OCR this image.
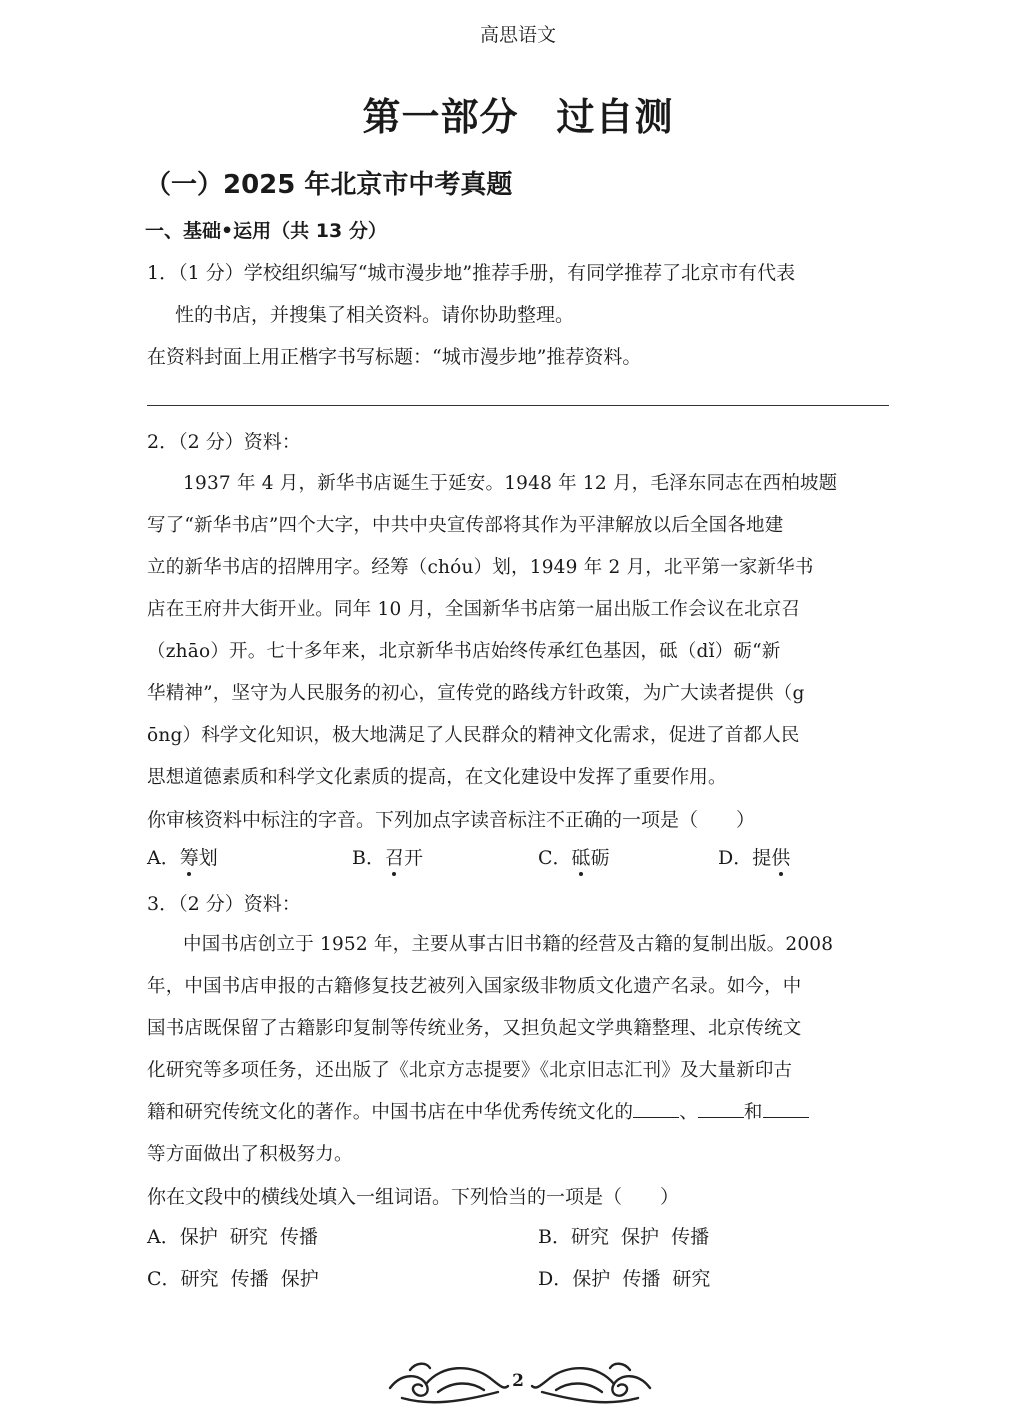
高思语文
第一部分 过自测
（一）2025 年北京市中考真题
一、基础•运用（共 13 分）
1．（1 分）学校组织编写“城市漫步地”推荐手册，有同学推荐了北京市有代表
性的书店，并搜集了相关资料。请你协助整理。
在资料封面上用正楷字书写标题：“城市漫步地”推荐资料。
2．（2 分）资料：
1937 年 4 月，新华书店诞生于延安。1948 年 12 月，毛泽东同志在西柏坡题
写了“新华书店”四个大字，中共中央宣传部将其作为平津解放以后全国各地建
立的新华书店的招牌用字。经筹（chóu）划，1949 年 2 月，北平第一家新华书
店在王府井大街开业。同年 10 月，全国新华书店第一届出版工作会议在北京召
（zhāo）开。七十多年来，北京新华书店始终传承红色基因，砥（dǐ）砺“新
华精神”，坚守为人民服务的初心，宣传党的路线方针政策，为广大读者提供（g
ōng）科学文化知识，极大地满足了人民群众的精神文化需求，促进了首都人民
思想道德素质和科学文化素质的提高，在文化建设中发挥了重要作用。
你审核资料中标注的字音。下列加点字读音标注不正确的一项是（　　）
A．筹划	B．召开	C．砥砺	D．提供
3．（2 分）资料：
中国书店创立于 1952 年，主要从事古旧书籍的经营及古籍的复制出版。2008
年，中国书店申报的古籍修复技艺被列入国家级非物质文化遗产名录。如今，中
国书店既保留了古籍影印复制等传统业务，又担负起文学典籍整理、北京传统文
化研究等多项任务，还出版了《北京方志提要》《北京旧志汇刊》及大量新印古
籍和研究传统文化的著作。中国书店在中华优秀传统文化的 、 和
等方面做出了积极努力。
你在文段中的横线处填入一组词语。下列恰当的一项是（　　）
A．保护  研究  传播	B．研究  保护  传播
C．研究  传播  保护	D．保护  传播  研究
2
